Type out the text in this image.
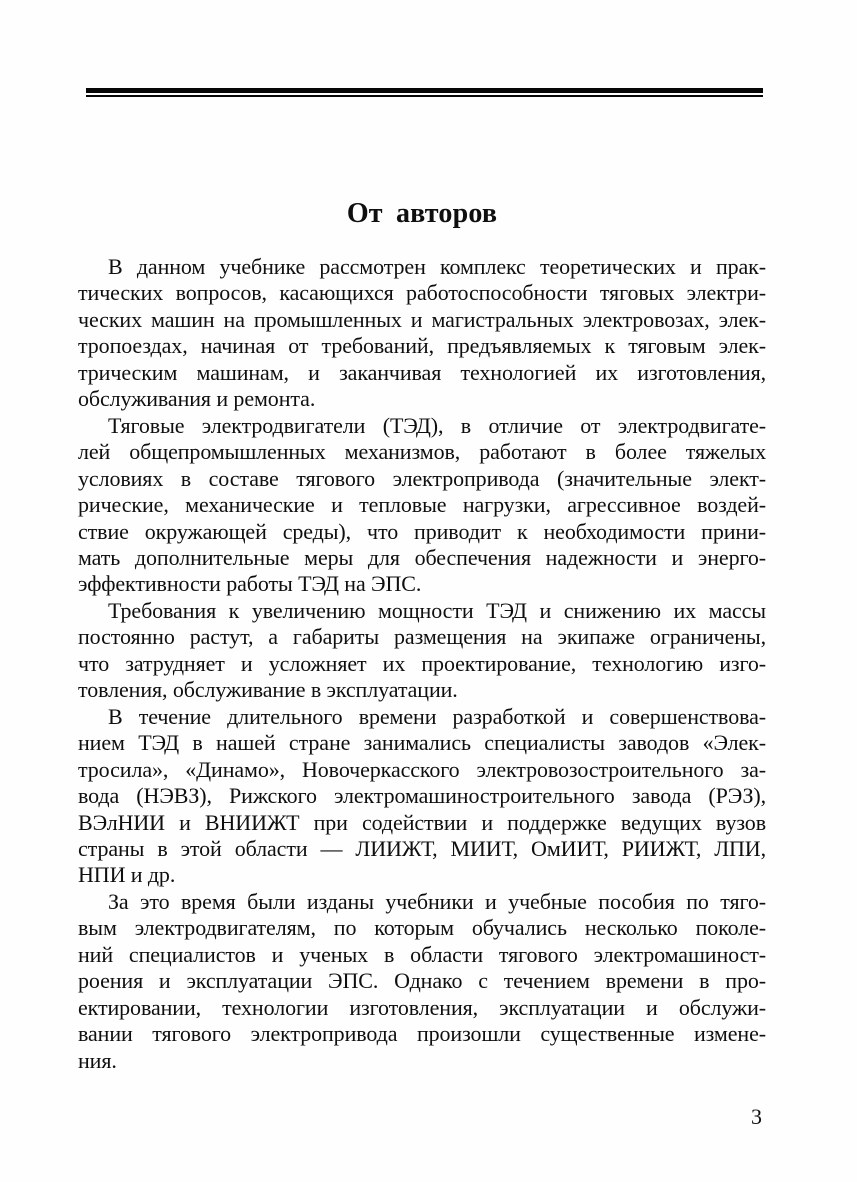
От авторов
В данном учебнике рассмотрен комплекс теоретических и прак-
тических вопросов, касающихся работоспособности тяговых электри-
ческих машин на промышленных и магистральных электровозах, элек-
тропоездах, начиная от требований, предъявляемых к тяговым элек-
трическим машинам, и заканчивая технологией их изготовления,
обслуживания и ремонта.
Тяговые электродвигатели (ТЭД), в отличие от электродвигате-
лей общепромышленных механизмов, работают в более тяжелых
условиях в составе тягового электропривода (значительные элект-
рические, механические и тепловые нагрузки, агрессивное воздей-
ствие окружающей среды), что приводит к необходимости прини-
мать дополнительные меры для обеспечения надежности и энерго-
эффективности работы ТЭД на ЭПС.
Требования к увеличению мощности ТЭД и снижению их массы
постоянно растут, а габариты размещения на экипаже ограничены,
что затрудняет и усложняет их проектирование, технологию изго-
товления, обслуживание в эксплуатации.
В течение длительного времени разработкой и совершенствова-
нием ТЭД в нашей стране занимались специалисты заводов «Элек-
тросила», «Динамо», Новочеркасского электровозостроительного за-
вода (НЭВЗ), Рижского электромашиностроительного завода (РЭЗ),
ВЭлНИИ и ВНИИЖТ при содействии и поддержке ведущих вузов
страны в этой области — ЛИИЖТ, МИИТ, ОмИИТ, РИИЖТ, ЛПИ,
НПИ и др.
За это время были изданы учебники и учебные пособия по тяго-
вым электродвигателям, по которым обучались несколько поколе-
ний специалистов и ученых в области тягового электромашиност-
роения и эксплуатации ЭПС. Однако с течением времени в про-
ектировании, технологии изготовления, эксплуатации и обслужи-
вании тягового электропривода произошли существенные измене-
ния.
3
